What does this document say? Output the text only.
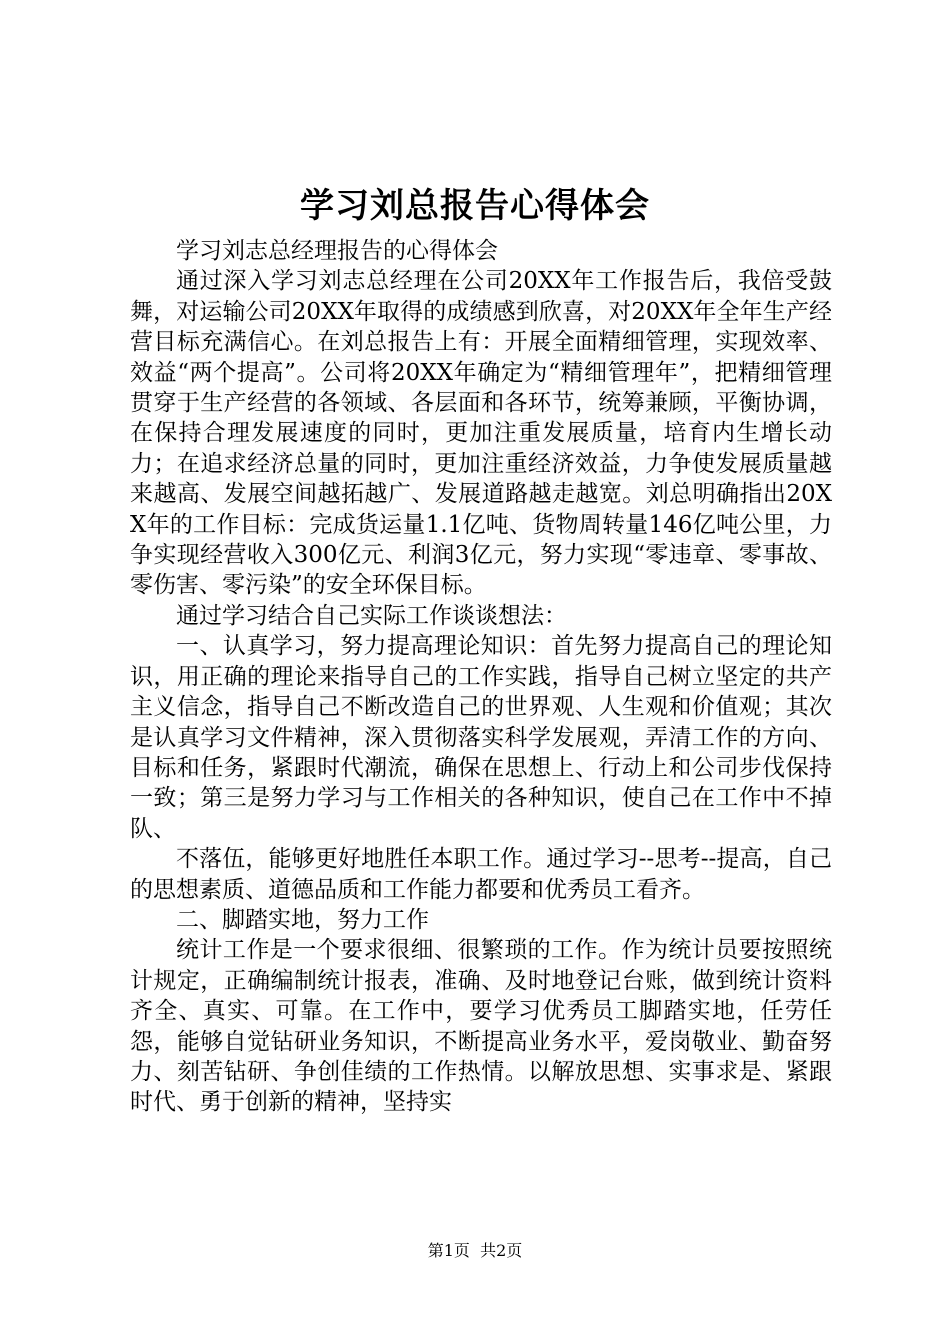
学习刘总报告心得体会

学习刘志总经理报告的心得体会

通过深入学习刘志总经理在公司20XX年工作报告后，我倍受鼓舞，对运输公司20XX年取得的成绩感到欣喜，对20XX年全年生产经营目标充满信心。在刘总报告上有：开展全面精细管理，实现效率、效益“两个提高”。公司将20XX年确定为“精细管理年”，把精细管理贯穿于生产经营的各领域、各层面和各环节，统筹兼顾，平衡协调，在保持合理发展速度的同时，更加注重发展质量，培育内生增长动力；在追求经济总量的同时，更加注重经济效益，力争使发展质量越来越高、发展空间越拓越广、发展道路越走越宽。刘总明确指出20XX年的工作目标：完成货运量1.1亿吨、货物周转量146亿吨公里，力争实现经营收入300亿元、利润3亿元，努力实现“零违章、零事故、零伤害、零污染”的安全环保目标。

通过学习结合自己实际工作谈谈想法：

一、认真学习，努力提高理论知识：首先努力提高自己的理论知识，用正确的理论来指导自己的工作实践，指导自己树立坚定的共产主义信念，指导自己不断改造自己的世界观、人生观和价值观；其次是认真学习文件精神，深入贯彻落实科学发展观，弄清工作的方向、目标和任务，紧跟时代潮流，确保在思想上、行动上和公司步伐保持一致；第三是努力学习与工作相关的各种知识，使自己在工作中不掉队、

不落伍，能够更好地胜任本职工作。通过学习--思考--提高，自己的思想素质、道德品质和工作能力都要和优秀员工看齐。

二、脚踏实地，努力工作

统计工作是一个要求很细、很繁琐的工作。作为统计员要按照统计规定，正确编制统计报表，准确、及时地登记台账，做到统计资料齐全、真实、可靠。在工作中，要学习优秀员工脚踏实地，任劳任怨，能够自觉钻研业务知识，不断提高业务水平，爱岗敬业、勤奋努力、刻苦钻研、争创佳绩的工作热情。以解放思想、实事求是、紧跟时代、勇于创新的精神，坚持实

第1页  共2页
